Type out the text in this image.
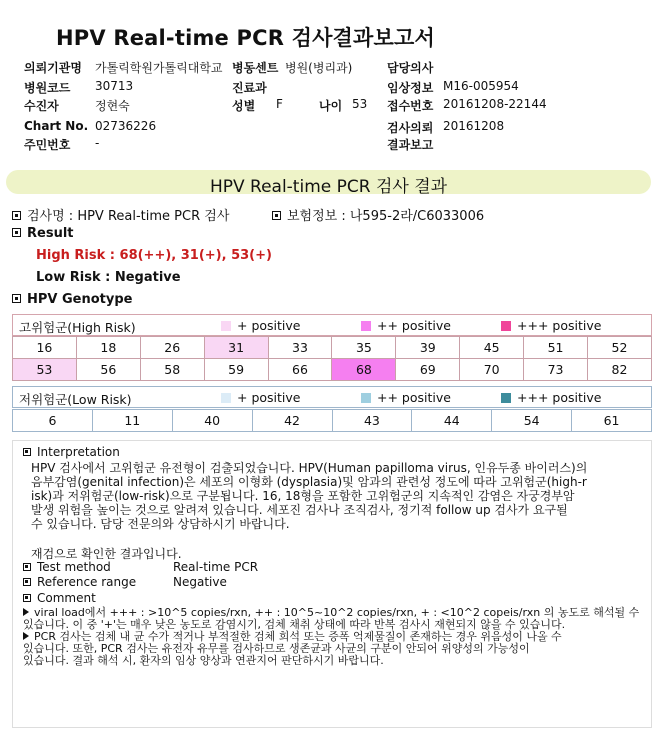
HPV Real-time PCR 검사결과보고서
의뢰기관명 가톨릭학원가톨릭대학교 병동센트 병원(병리과)	담당의사
병원코드 30713	진료과	임상정보 M16-005954
수진자	정현숙	성별 F	나이 53 접수번호 20161208-22144
Chart No. 02736226	검사의뢰 20161208
주민번호 -	결과보고
HPV Real-time PCR 검사 결과
검사명 : HPV Real-time PCR 검사	보험정보 : 나595-2라/C6033006
Result
High Risk : 68(++), 31(+), 53(+)
Low Risk : Negative
HPV Genotype
고위험군(High Risk)	+ positive	++ positive	+++ positive
16	18	26	31	33	35	39	45	51	52
53	56	58	59	66	68	69	70	73	82
저위험군(Low Risk)	+ positive	++ positive	+++ positive
6	11	40	42	43	44	54	61
Interpretation
HPV 검사에서 고위험군 유전형이 검출되었습니다. HPV(Human papilloma virus, 인유두종 바이러스)의
음부감염(genital infection)은 세포의 이형화 (dysplasia)및 암과의 관련성 정도에 따라 고위험군(high-r
isk)과 저위험군(low-risk)으로 구분됩니다. 16, 18형을 포함한 고위험군의 지속적인 감염은 자궁경부암
발생 위험을 높이는 것으로 알려져 있습니다. 세포진 검사나 조직검사, 정기적 follow up 검사가 요구될
수 있습니다. 담당 전문의와 상담하시기 바랍니다.
재검으로 확인한 결과입니다.
Test method	Real-time PCR
Reference range	Negative
Comment
viral load에서 +++ : >10^5 copies/rxn, ++ : 10^5~10^2 copies/rxn, + : <10^2 copeis/rxn 의 농도로 해석될 수
있습니다. 이 중 '+'는 매우 낮은 농도로 감염시기, 검체 채취 상태에 따라 반복 검사시 재현되지 않을 수 있습니다.
PCR 검사는 검체 내 균 수가 적거나 부적절한 검체 희석 또는 증폭 억제물질이 존재하는 경우 위음성이 나올 수
있습니다. 또한, PCR 검사는 유전자 유무를 검사하므로 생존균과 사균의 구분이 안되어 위양성의 가능성이
있습니다. 결과 해석 시, 환자의 임상 양상과 연관지어 판단하시기 바랍니다.
